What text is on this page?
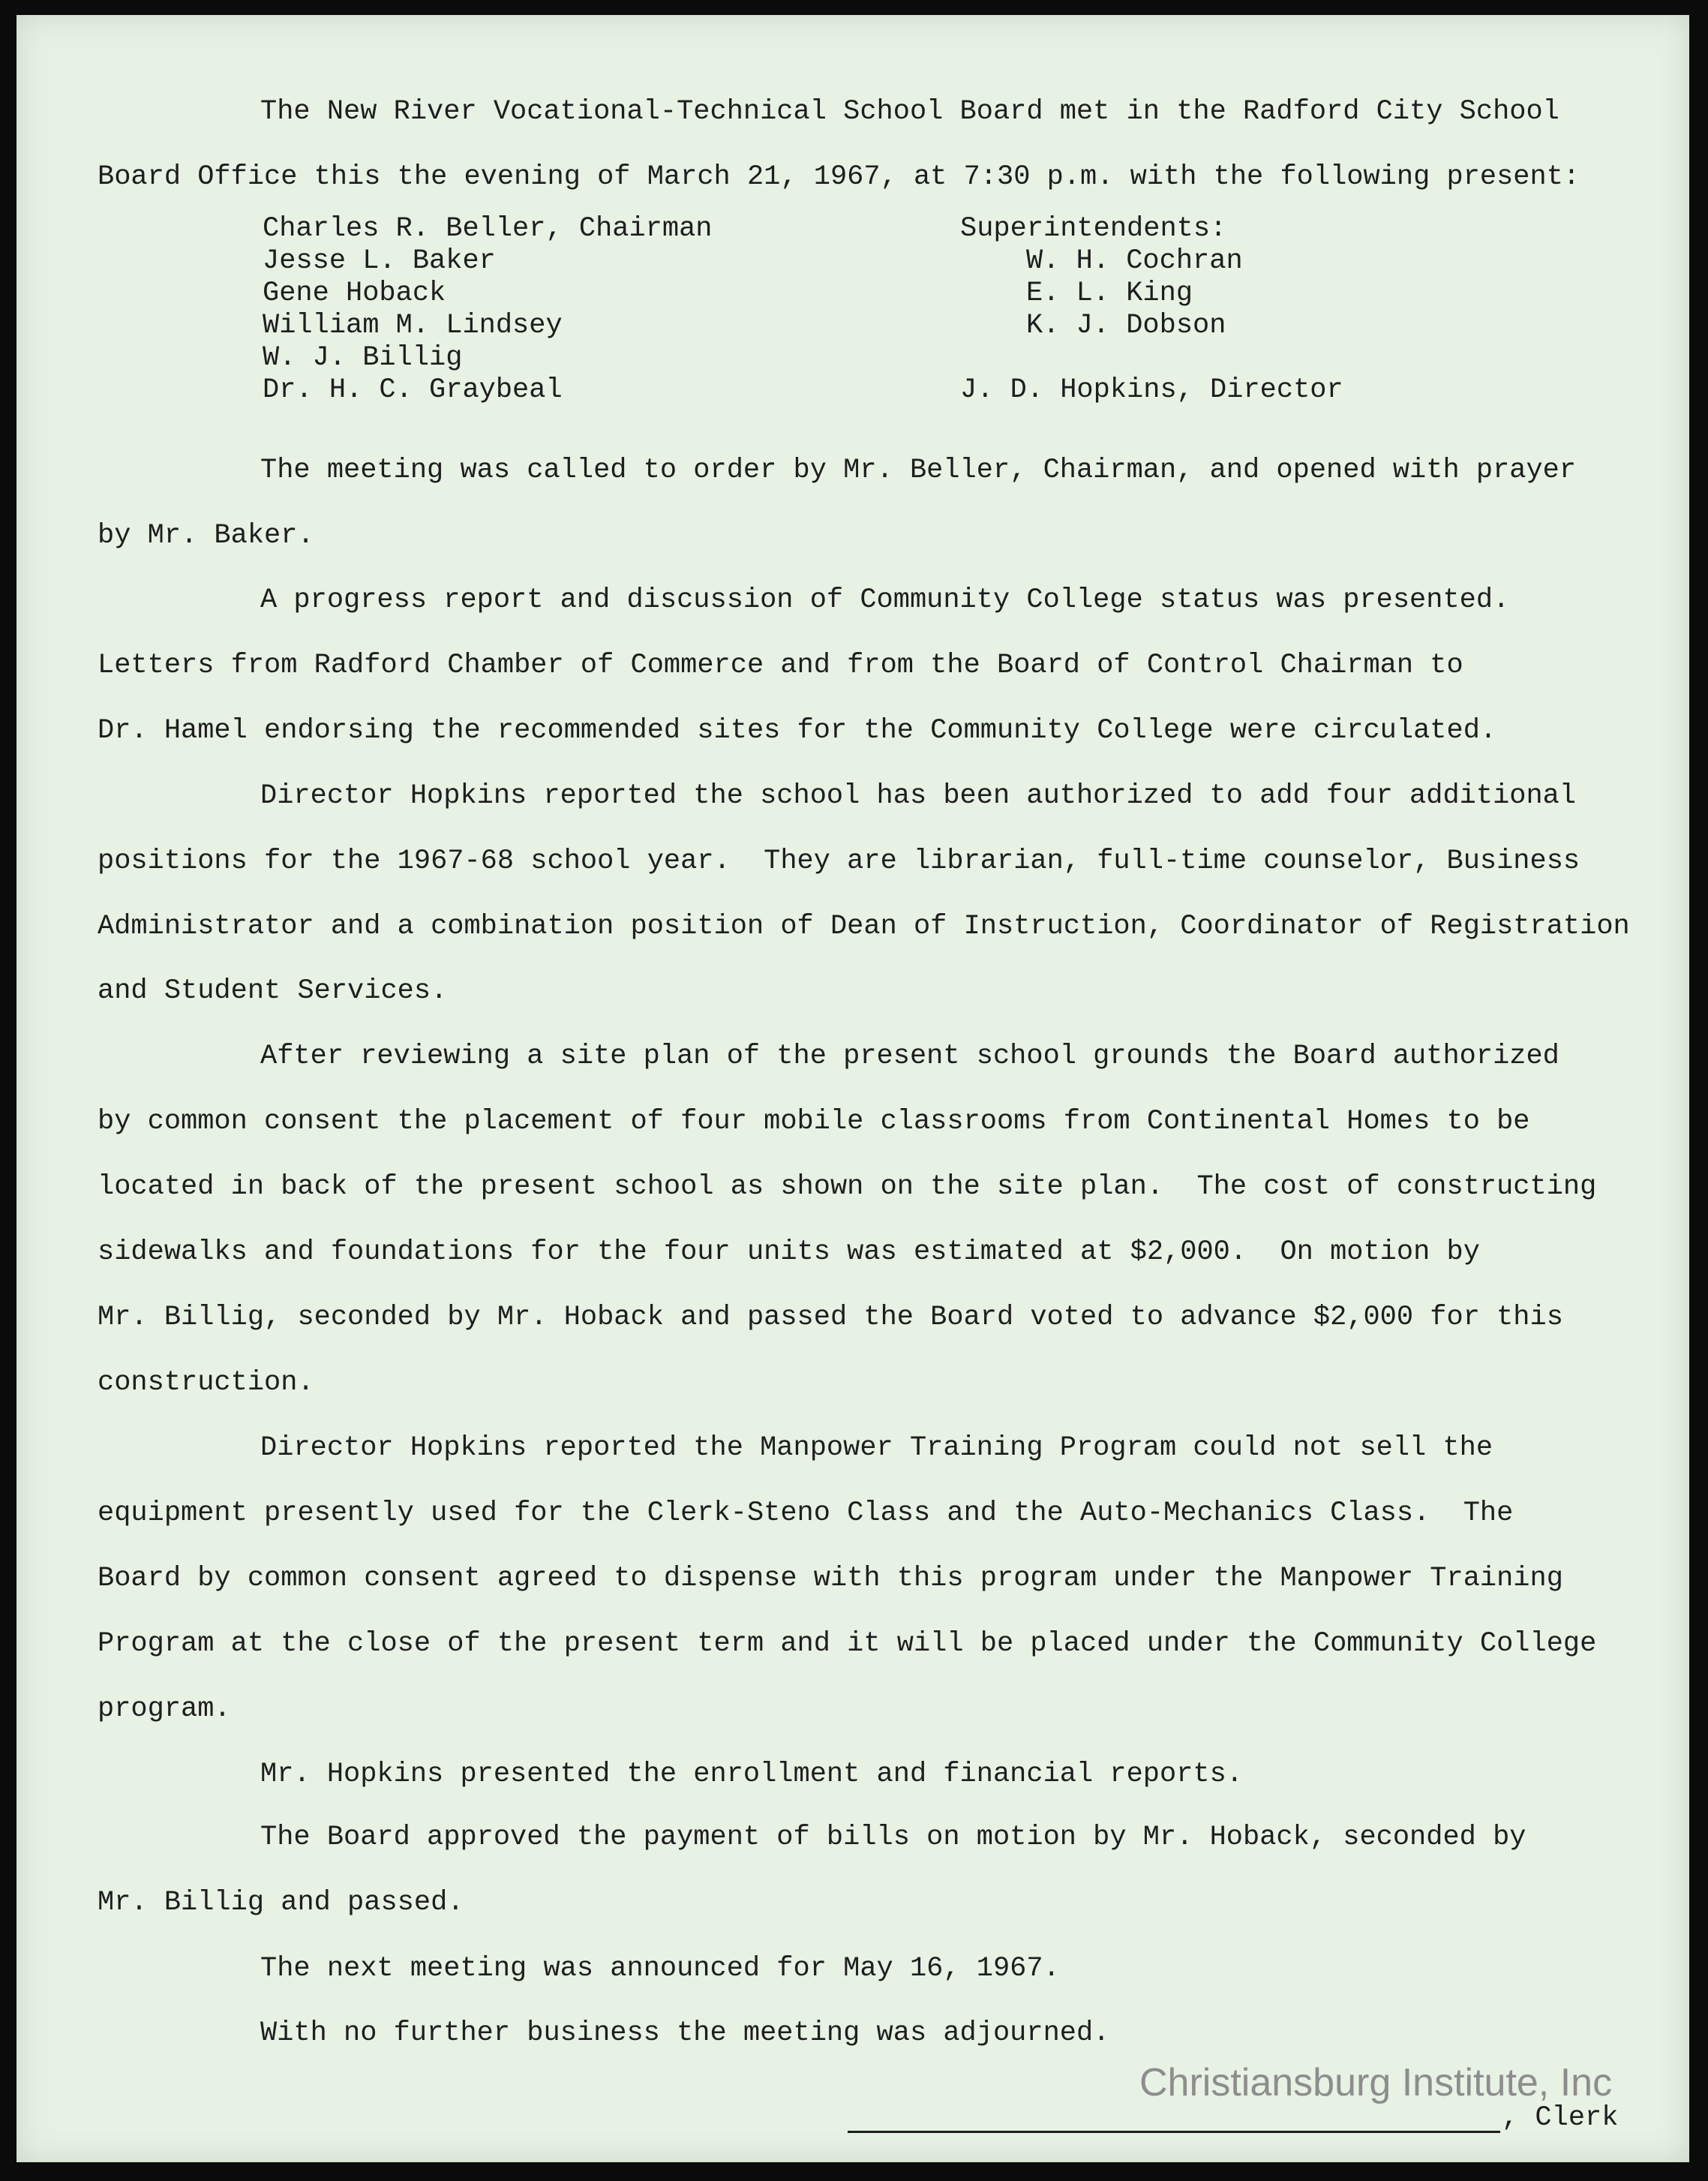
The New River Vocational-Technical School Board met in the Radford City School
Board Office this the evening of March 21, 1967, at 7:30 p.m. with the following present:
Charles R. Beller, Chairman
Jesse L. Baker
Gene Hoback
William M. Lindsey
W. J. Billig
Dr. H. C. Graybeal
Superintendents:
W. H. Cochran
E. L. King
K. J. Dobson

J. D. Hopkins, Director
The meeting was called to order by Mr. Beller, Chairman, and opened with prayer
by Mr. Baker.
A progress report and discussion of Community College status was presented.
Letters from Radford Chamber of Commerce and from the Board of Control Chairman to
Dr. Hamel endorsing the recommended sites for the Community College were circulated.
Director Hopkins reported the school has been authorized to add four additional
positions for the 1967-68 school year.  They are librarian, full-time counselor, Business
Administrator and a combination position of Dean of Instruction, Coordinator of Registration
and Student Services.
After reviewing a site plan of the present school grounds the Board authorized
by common consent the placement of four mobile classrooms from Continental Homes to be
located in back of the present school as shown on the site plan.  The cost of constructing
sidewalks and foundations for the four units was estimated at $2,000.  On motion by
Mr. Billig, seconded by Mr. Hoback and passed the Board voted to advance $2,000 for this
construction.
Director Hopkins reported the Manpower Training Program could not sell the
equipment presently used for the Clerk-Steno Class and the Auto-Mechanics Class.  The
Board by common consent agreed to dispense with this program under the Manpower Training
Program at the close of the present term and it will be placed under the Community College
program.
Mr. Hopkins presented the enrollment and financial reports.
The Board approved the payment of bills on motion by Mr. Hoback, seconded by
Mr. Billig and passed.
The next meeting was announced for May 16, 1967.
With no further business the meeting was adjourned.
Christiansburg Institute, Inc
, Clerk
